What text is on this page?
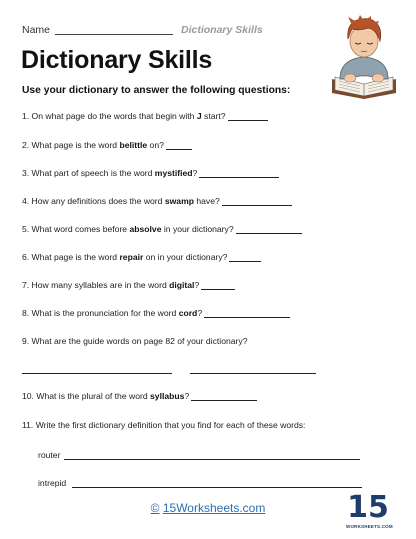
Name	Dictionary Skills
Dictionary Skills
Use your dictionary to answer the following questions:
1. On what page do the words that begin with J start?
2. What page is the word belittle on?
3. What part of speech is the word mystified?
4. How any definitions does the word swamp have?
5. What word comes before absolve in your dictionary?
6. What page is the word repair on in your dictionary?
7. How many syllables are in the word digital?
8. What is the pronunciation for the word cord?
9. What are the guide words on page 82 of your dictionary?
10. What is the plural of the word syllabus?
11. Write the first dictionary definition that you find for each of these words:
router
intrepid
© 15Worksheets.com	15
WORKSHEETS.COM
